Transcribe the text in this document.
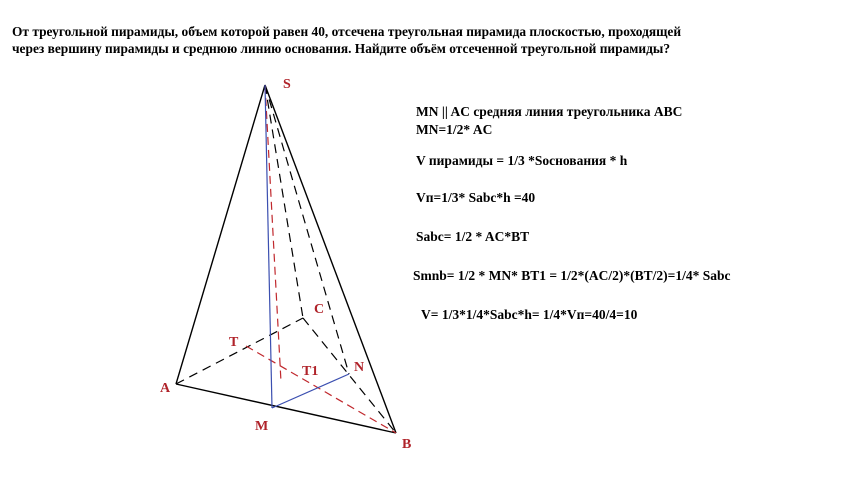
От треугольной пирамиды, объем которой равен 40, отсечена треугольная пирамида плоскостью, проходящей
через вершину пирамиды и среднюю линию основания. Найдите объём отсеченной треугольной пирамиды?
S
A
B
C
M
N
T
T1
MN || AC средняя линия треугольника ABC
MN=1/2* AC
V пирамиды = 1/3 *Sоснования * h
Vп=1/3* Sabc*h =40
Sabc= 1/2 * AC*BT
Smnb= 1/2 * MN* BT1 = 1/2*(AC/2)*(BT/2)=1/4* Sabc
V= 1/3*1/4*Sabc*h= 1/4*Vп=40/4=10
